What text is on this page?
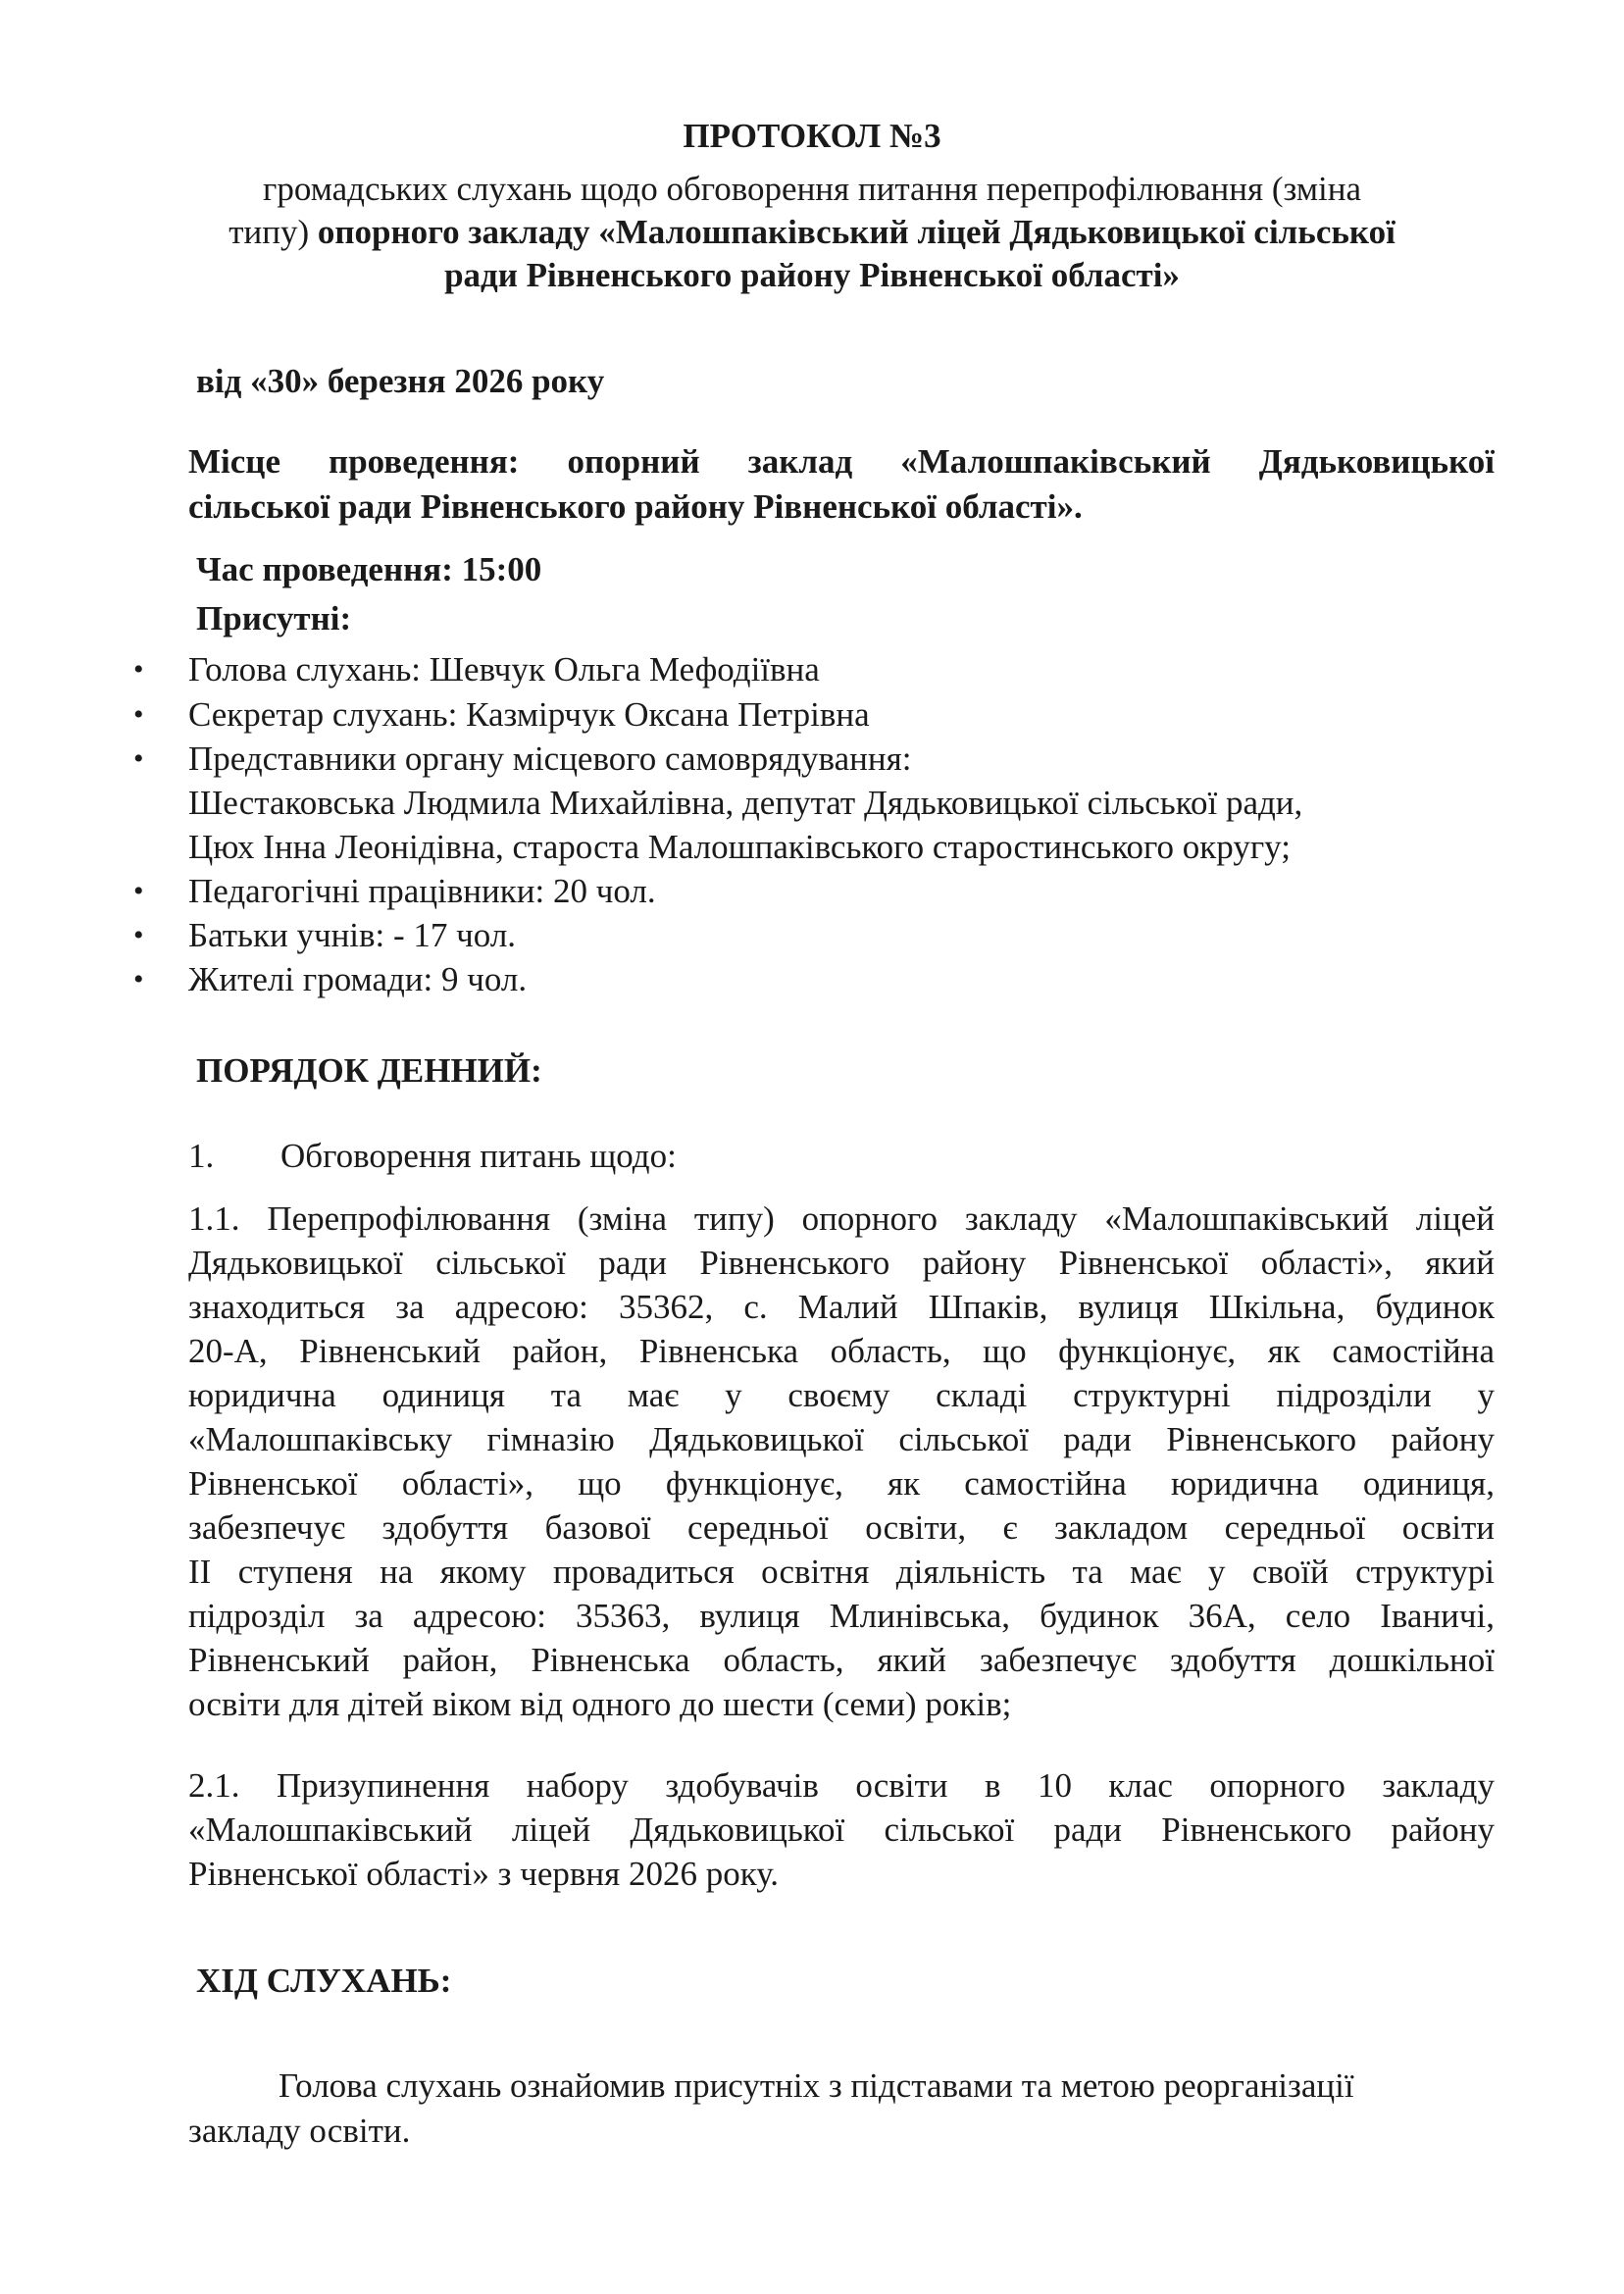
ПРОТОКОЛ №3
громадських слухань щодо обговорення питання перепрофілювання (зміна
типу) опорного закладу «Малошпаківський ліцей Дядьковицької сільської
ради Рівненського району Рівненської області»
від «30» березня 2026 року
Місце проведення: опорний заклад «Малошпаківський Дядьковицької
сільської ради Рівненського району Рівненської області».
Час проведення: 15:00
Присутні:
• Голова слухань: Шевчук Ольга Мефодіївна
• Секретар слухань: Казмірчук Оксана Петрівна
• Представники органу місцевого самоврядування:
Шестаковська Людмила Михайлівна, депутат Дядьковицької сільської ради,
Цюх Інна Леонідівна, староста Малошпаківського старостинського округу;
• Педагогічні працівники: 20 чол.
• Батьки учнів: - 17 чол.
• Жителі громади: 9 чол.
ПОРЯДОК ДЕННИЙ:
1. Обговорення питань щодо:
1.1. Перепрофілювання (зміна типу) опорного закладу «Малошпаківський ліцей
Дядьковицької сільської ради Рівненського району Рівненської області», який
знаходиться за адресою: 35362, с. Малий Шпаків, вулиця Шкільна, будинок
20-А, Рівненський район, Рівненська область, що функціонує, як самостійна
юридична одиниця та має у своєму складі структурні підрозділи у
«Малошпаківську гімназію Дядьковицької сільської ради Рівненського району
Рівненської області», що функціонує, як самостійна юридична одиниця,
забезпечує здобуття базової середньої освіти, є закладом середньої освіти
ІІ ступеня на якому провадиться освітня діяльність та має у своїй структурі
підрозділ за адресою: 35363, вулиця Млинівська, будинок 36А, село Іваничі,
Рівненський район, Рівненська область, який забезпечує здобуття дошкільної
освіти для дітей віком від одного до шести (семи) років;
2.1. Призупинення набору здобувачів освіти в 10 клас опорного закладу
«Малошпаківський ліцей Дядьковицької сільської ради Рівненського району
Рівненської області» з червня 2026 року.
ХІД СЛУХАНЬ:
Голова слухань ознайомив присутніх з підставами та метою реорганізації
закладу освіти.
